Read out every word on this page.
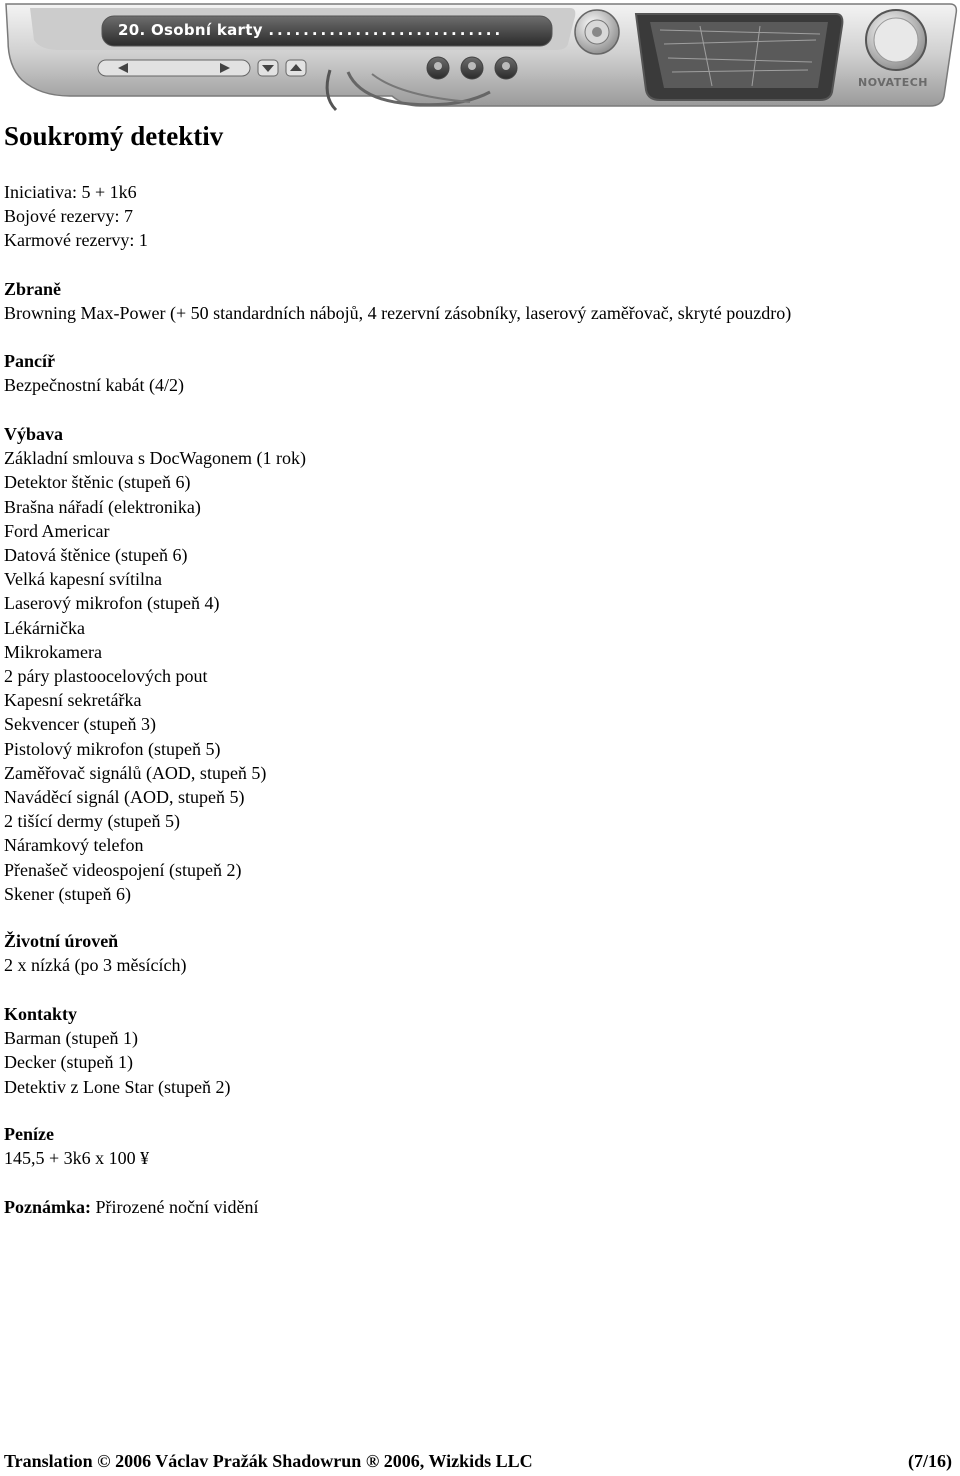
20. Osobní karty ...........................
NOVATECH
Soukromý detektiv
Iniciativa: 5 + 1k6
Bojové rezervy: 7
Karmové rezervy: 1
Zbraně
Browning Max-Power (+ 50 standardních nábojů, 4 rezervní zásobníky, laserový zaměřovač, skryté pouzdro)
Pancíř
Bezpečnostní kabát (4/2)
Výbava
Základní smlouva s DocWagonem (1 rok)
Detektor štěnic (stupeň 6)
Brašna nářadí (elektronika)
Ford Americar
Datová štěnice (stupeň 6)
Velká kapesní svítilna
Laserový mikrofon (stupeň 4)
Lékárnička
Mikrokamera
2 páry plastoocelových pout
Kapesní sekretářka
Sekvencer (stupeň 3)
Pistolový mikrofon (stupeň 5)
Zaměřovač signálů (AOD, stupeň 5)
Naváděcí signál (AOD, stupeň 5)
2 tišící dermy (stupeň 5)
Náramkový telefon
Přenašeč videospojení (stupeň 2)
Skener (stupeň 6)
Životní úroveň
2 x nízká (po 3 měsících)
Kontakty
Barman (stupeň 1)
Decker (stupeň 1)
Detektiv z Lone Star (stupeň 2)
Peníze
145,5 + 3k6 x 100 ¥
Poznámka: Přirozené noční vidění
Translation © 2006 Václav Pražák Shadowrun ® 2006, Wizkids LLC	(7/16)
